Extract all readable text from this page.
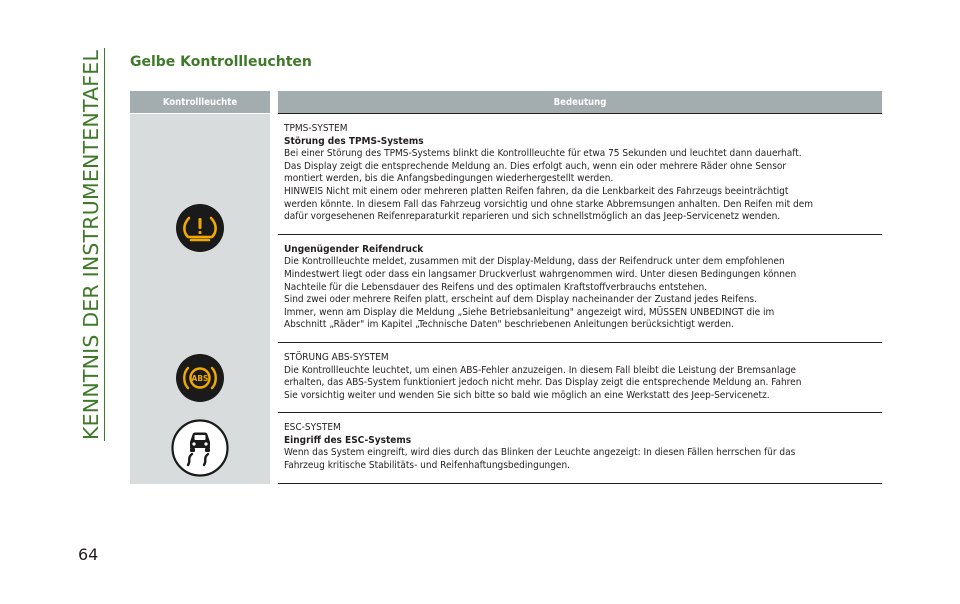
KENNTNIS DER INSTRUMENTENTAFEL
64
Gelbe Kontrollleuchten
Kontrollleuchte	Bedeutung
TPMS-SYSTEM
Störung des TPMS-Systems
Bei einer Störung des TPMS-Systems blinkt die Kontrollleuchte für etwa 75 Sekunden und leuchtet dann dauerhaft.
Das Display zeigt die entsprechende Meldung an. Dies erfolgt auch, wenn ein oder mehrere Räder ohne Sensor
montiert werden, bis die Anfangsbedingungen wiederhergestellt werden.
HINWEIS Nicht mit einem oder mehreren platten Reifen fahren, da die Lenkbarkeit des Fahrzeugs beeinträchtigt
werden könnte. In diesem Fall das Fahrzeug vorsichtig und ohne starke Abbremsungen anhalten. Den Reifen mit dem
dafür vorgesehenen Reifenreparaturkit reparieren und sich schnellstmöglich an das Jeep-Servicenetz wenden.
Ungenügender Reifendruck
Die Kontrollleuchte meldet, zusammen mit der Display-Meldung, dass der Reifendruck unter dem empfohlenen
Mindestwert liegt oder dass ein langsamer Druckverlust wahrgenommen wird. Unter diesen Bedingungen können
Nachteile für die Lebensdauer des Reifens und des optimalen Kraftstoffverbrauchs entstehen.
Sind zwei oder mehrere Reifen platt, erscheint auf dem Display nacheinander der Zustand jedes Reifens.
Immer, wenn am Display die Meldung „Siehe Betriebsanleitung" angezeigt wird, MÜSSEN UNBEDINGT die im
Abschnitt „Räder" im Kapitel „Technische Daten" beschriebenen Anleitungen berücksichtigt werden.
ABS
STÖRUNG ABS-SYSTEM
Die Kontrollleuchte leuchtet, um einen ABS-Fehler anzuzeigen. In diesem Fall bleibt die Leistung der Bremsanlage
erhalten, das ABS-System funktioniert jedoch nicht mehr. Das Display zeigt die entsprechende Meldung an. Fahren
Sie vorsichtig weiter und wenden Sie sich bitte so bald wie möglich an eine Werkstatt des Jeep-Servicenetz.
ESC-SYSTEM
Eingriff des ESC-Systems
Wenn das System eingreift, wird dies durch das Blinken der Leuchte angezeigt: In diesen Fällen herrschen für das
Fahrzeug kritische Stabilitäts- und Reifenhaftungsbedingungen.
